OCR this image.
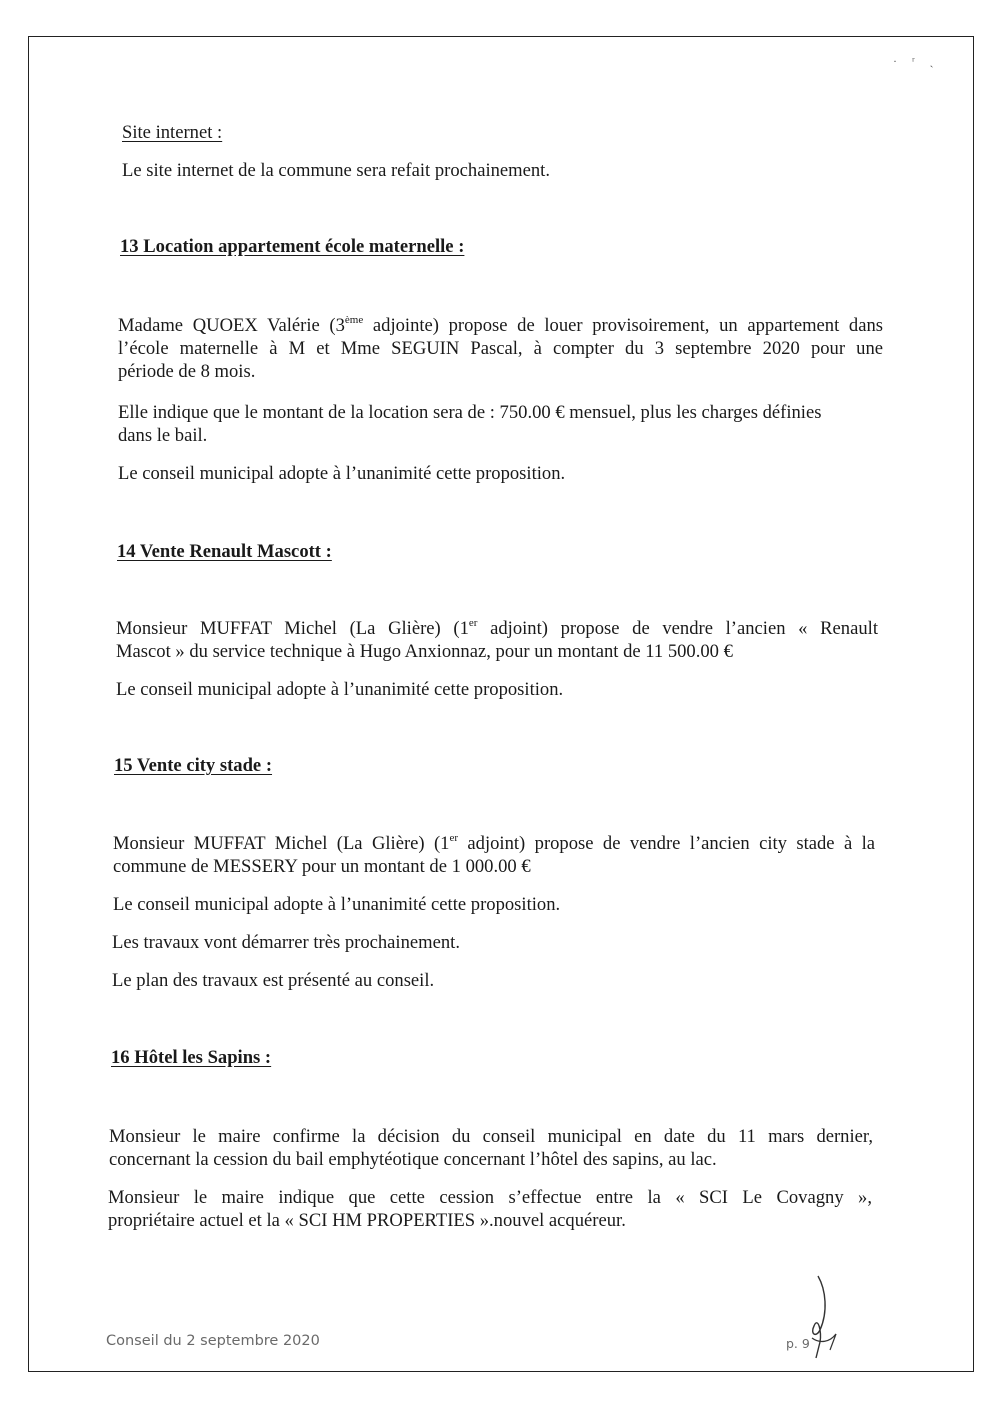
· ʳ ˎ

Site internet :

Le site internet de la commune sera refait prochainement.

13 Location appartement école maternelle :

Madame QUOEX Valérie (3ème adjointe) propose de louer provisoirement, un appartement dans

l’école maternelle à M et Mme SEGUIN Pascal, à compter du 3 septembre 2020 pour une

période de 8 mois.

Elle indique que le montant de la location sera de : 750.00 € mensuel, plus les charges définies

dans le bail.

Le conseil municipal adopte à l’unanimité cette proposition.

14 Vente Renault Mascott :

Monsieur MUFFAT Michel (La Glière) (1er adjoint) propose de vendre l’ancien « Renault

Mascot » du service technique à Hugo Anxionnaz, pour un montant de 11 500.00 €

Le conseil municipal adopte à l’unanimité cette proposition.

15 Vente city stade :

Monsieur MUFFAT Michel (La Glière) (1er adjoint) propose de vendre l’ancien city stade à la

commune de MESSERY pour un montant de 1 000.00 €

Le conseil municipal adopte à l’unanimité cette proposition.

Les travaux vont démarrer très prochainement.

Le plan des travaux est présenté au conseil.

16 Hôtel les Sapins :

Monsieur le maire confirme la décision du conseil municipal en date du 11 mars dernier,

concernant la cession du bail emphytéotique concernant l’hôtel des sapins, au lac.

Monsieur le maire indique que cette cession s’effectue entre la « SCI Le Covagny »,

propriétaire actuel et la « SCI HM PROPERTIES ».nouvel acquéreur.

Conseil du 2 septembre 2020	p. 9
